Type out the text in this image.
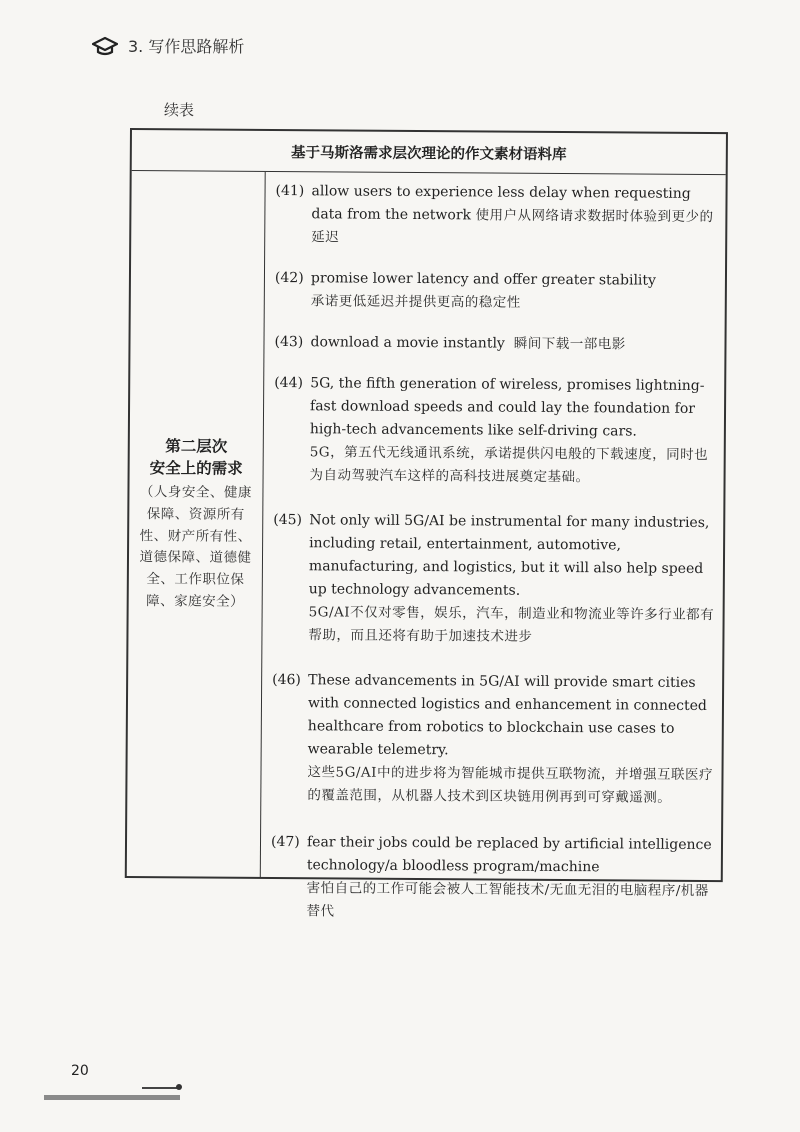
3. 写作思路解析
续表
基于马斯洛需求层次理论的作文素材语料库
第二层次
安全上的需求
（人身安全、健康保障、资源所有性、财产所有性、道德保障、道德健全、工作职位保障、家庭安全）
(41) allow users to experience less delay when requesting data from the network 使用户从网络请求数据时体验到更少的延迟
(42) promise lower latency and offer greater stability
承诺更低延迟并提供更高的稳定性
(43) download a movie instantly 瞬间下载一部电影
(44) 5G, the fifth generation of wireless, promises lightning-fast download speeds and could lay the foundation for high-tech advancements like self-driving cars.
5G，第五代无线通讯系统，承诺提供闪电般的下载速度，同时也为自动驾驶汽车这样的高科技进展奠定基础。
(45) Not only will 5G/AI be instrumental for many industries, including retail, entertainment, automotive, manufacturing, and logistics, but it will also help speed up technology advancements.
5G/AI不仅对零售，娱乐，汽车，制造业和物流业等许多行业都有帮助，而且还将有助于加速技术进步
(46) These advancements in 5G/AI will provide smart cities with connected logistics and enhancement in connected healthcare from robotics to blockchain use cases to wearable telemetry.
这些5G/AI中的进步将为智能城市提供互联物流，并增强互联医疗的覆盖范围，从机器人技术到区块链用例再到可穿戴遥测。
(47) fear their jobs could be replaced by artificial intelligence technology/a bloodless program/machine
害怕自己的工作可能会被人工智能技术/无血无泪的电脑程序/机器替代
20
